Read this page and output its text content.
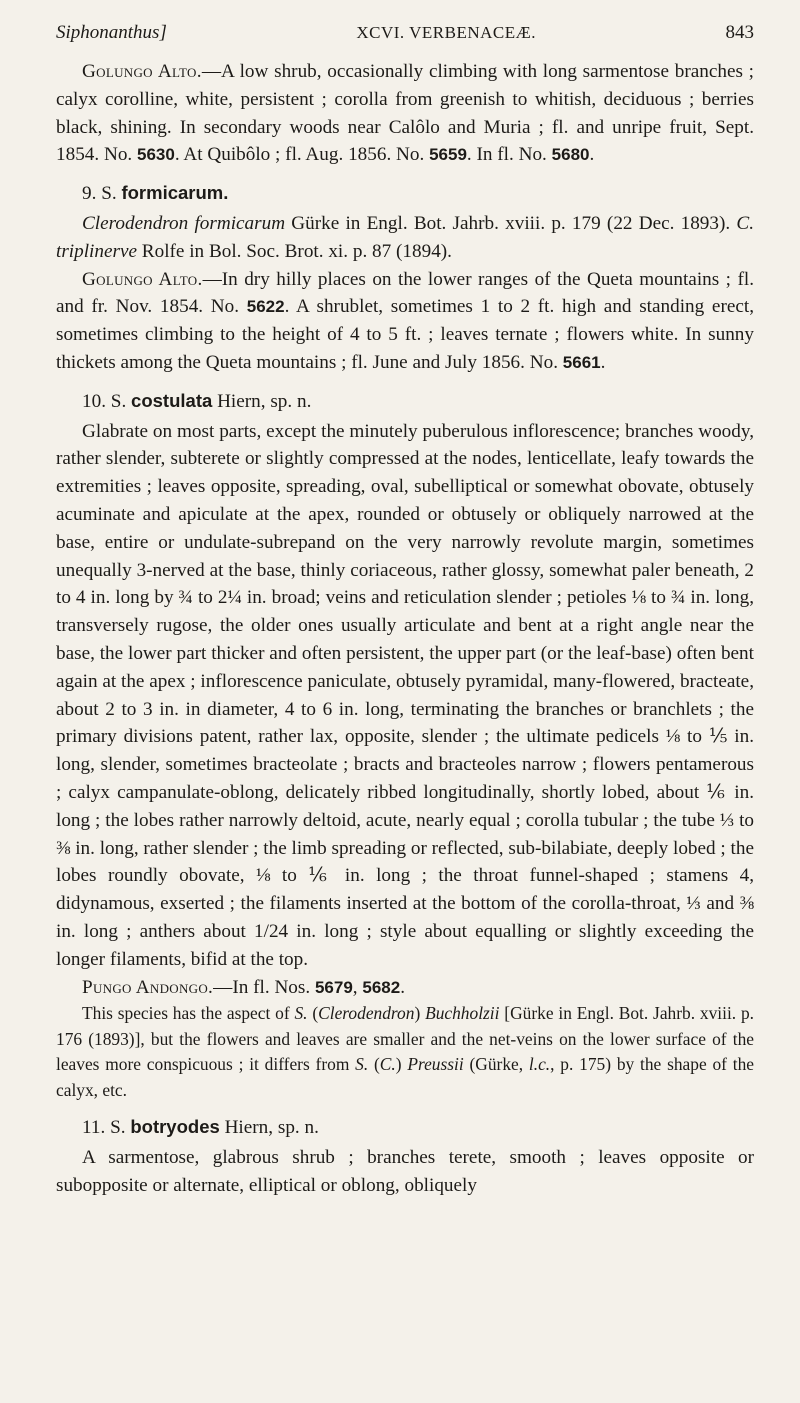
Siphonanthus]	XCVI. VERBENACEÆ.	843

Golungo Alto.—A low shrub, occasionally climbing with long sarmentose branches ; calyx corolline, white, persistent ; corolla from greenish to whitish, deciduous ; berries black, shining. In secondary woods near Calôlo and Muria ; fl. and unripe fruit, Sept. 1854. No. 5630. At Quibôlo ; fl. Aug. 1856. No. 5659. In fl. No. 5680.

9. S. formicarum.

Clerodendron formicarum Gürke in Engl. Bot. Jahrb. xviii. p. 179 (22 Dec. 1893). C. triplinerve Rolfe in Bol. Soc. Brot. xi. p. 87 (1894).

Golungo Alto.—In dry hilly places on the lower ranges of the Queta mountains ; fl. and fr. Nov. 1854. No. 5622. A shrublet, sometimes 1 to 2 ft. high and standing erect, sometimes climbing to the height of 4 to 5 ft. ; leaves ternate ; flowers white. In sunny thickets among the Queta mountains ; fl. June and July 1856. No. 5661.

10. S. costulata Hiern, sp. n.

Glabrate on most parts, except the minutely puberulous inflorescence; branches woody, rather slender, subterete or slightly compressed at the nodes, lenticellate, leafy towards the extremities ; leaves opposite, spreading, oval, subelliptical or somewhat obovate, obtusely acuminate and apiculate at the apex, rounded or obtusely or obliquely narrowed at the base, entire or undulate-subrepand on the very narrowly revolute margin, sometimes unequally 3-nerved at the base, thinly coriaceous, rather glossy, somewhat paler beneath, 2 to 4 in. long by ¾ to 2¼ in. broad; veins and reticulation slender ; petioles ⅛ to ¾ in. long, transversely rugose, the older ones usually articulate and bent at a right angle near the base, the lower part thicker and often persistent, the upper part (or the leaf-base) often bent again at the apex ; inflorescence paniculate, obtusely pyramidal, many-flowered, bracteate, about 2 to 3 in. in diameter, 4 to 6 in. long, terminating the branches or branchlets ; the primary divisions patent, rather lax, opposite, slender ; the ultimate pedicels ⅛ to ⅕ in. long, slender, sometimes bracteolate ; bracts and bracteoles narrow ; flowers pentamerous ; calyx campanulate-oblong, delicately ribbed longitudinally, shortly lobed, about ⅙ in. long ; the lobes rather narrowly deltoid, acute, nearly equal ; corolla tubular ; the tube ⅓ to ⅜ in. long, rather slender ; the limb spreading or reflected, sub-bilabiate, deeply lobed ; the lobes roundly obovate, ⅛ to ⅙ in. long ; the throat funnel-shaped ; stamens 4, didynamous, exserted ; the filaments inserted at the bottom of the corolla-throat, ⅓ and ⅜ in. long ; anthers about 1/24 in. long ; style about equalling or slightly exceeding the longer filaments, bifid at the top.

Pungo Andongo.—In fl. Nos. 5679, 5682.

This species has the aspect of S. (Clerodendron) Buchholzii [Gürke in Engl. Bot. Jahrb. xviii. p. 176 (1893)], but the flowers and leaves are smaller and the net-veins on the lower surface of the leaves more conspicuous ; it differs from S. (C.) Preussii (Gürke, l.c., p. 175) by the shape of the calyx, etc.

11. S. botryodes Hiern, sp. n.

A sarmentose, glabrous shrub ; branches terete, smooth ; leaves opposite or subopposite or alternate, elliptical or oblong, obliquely
